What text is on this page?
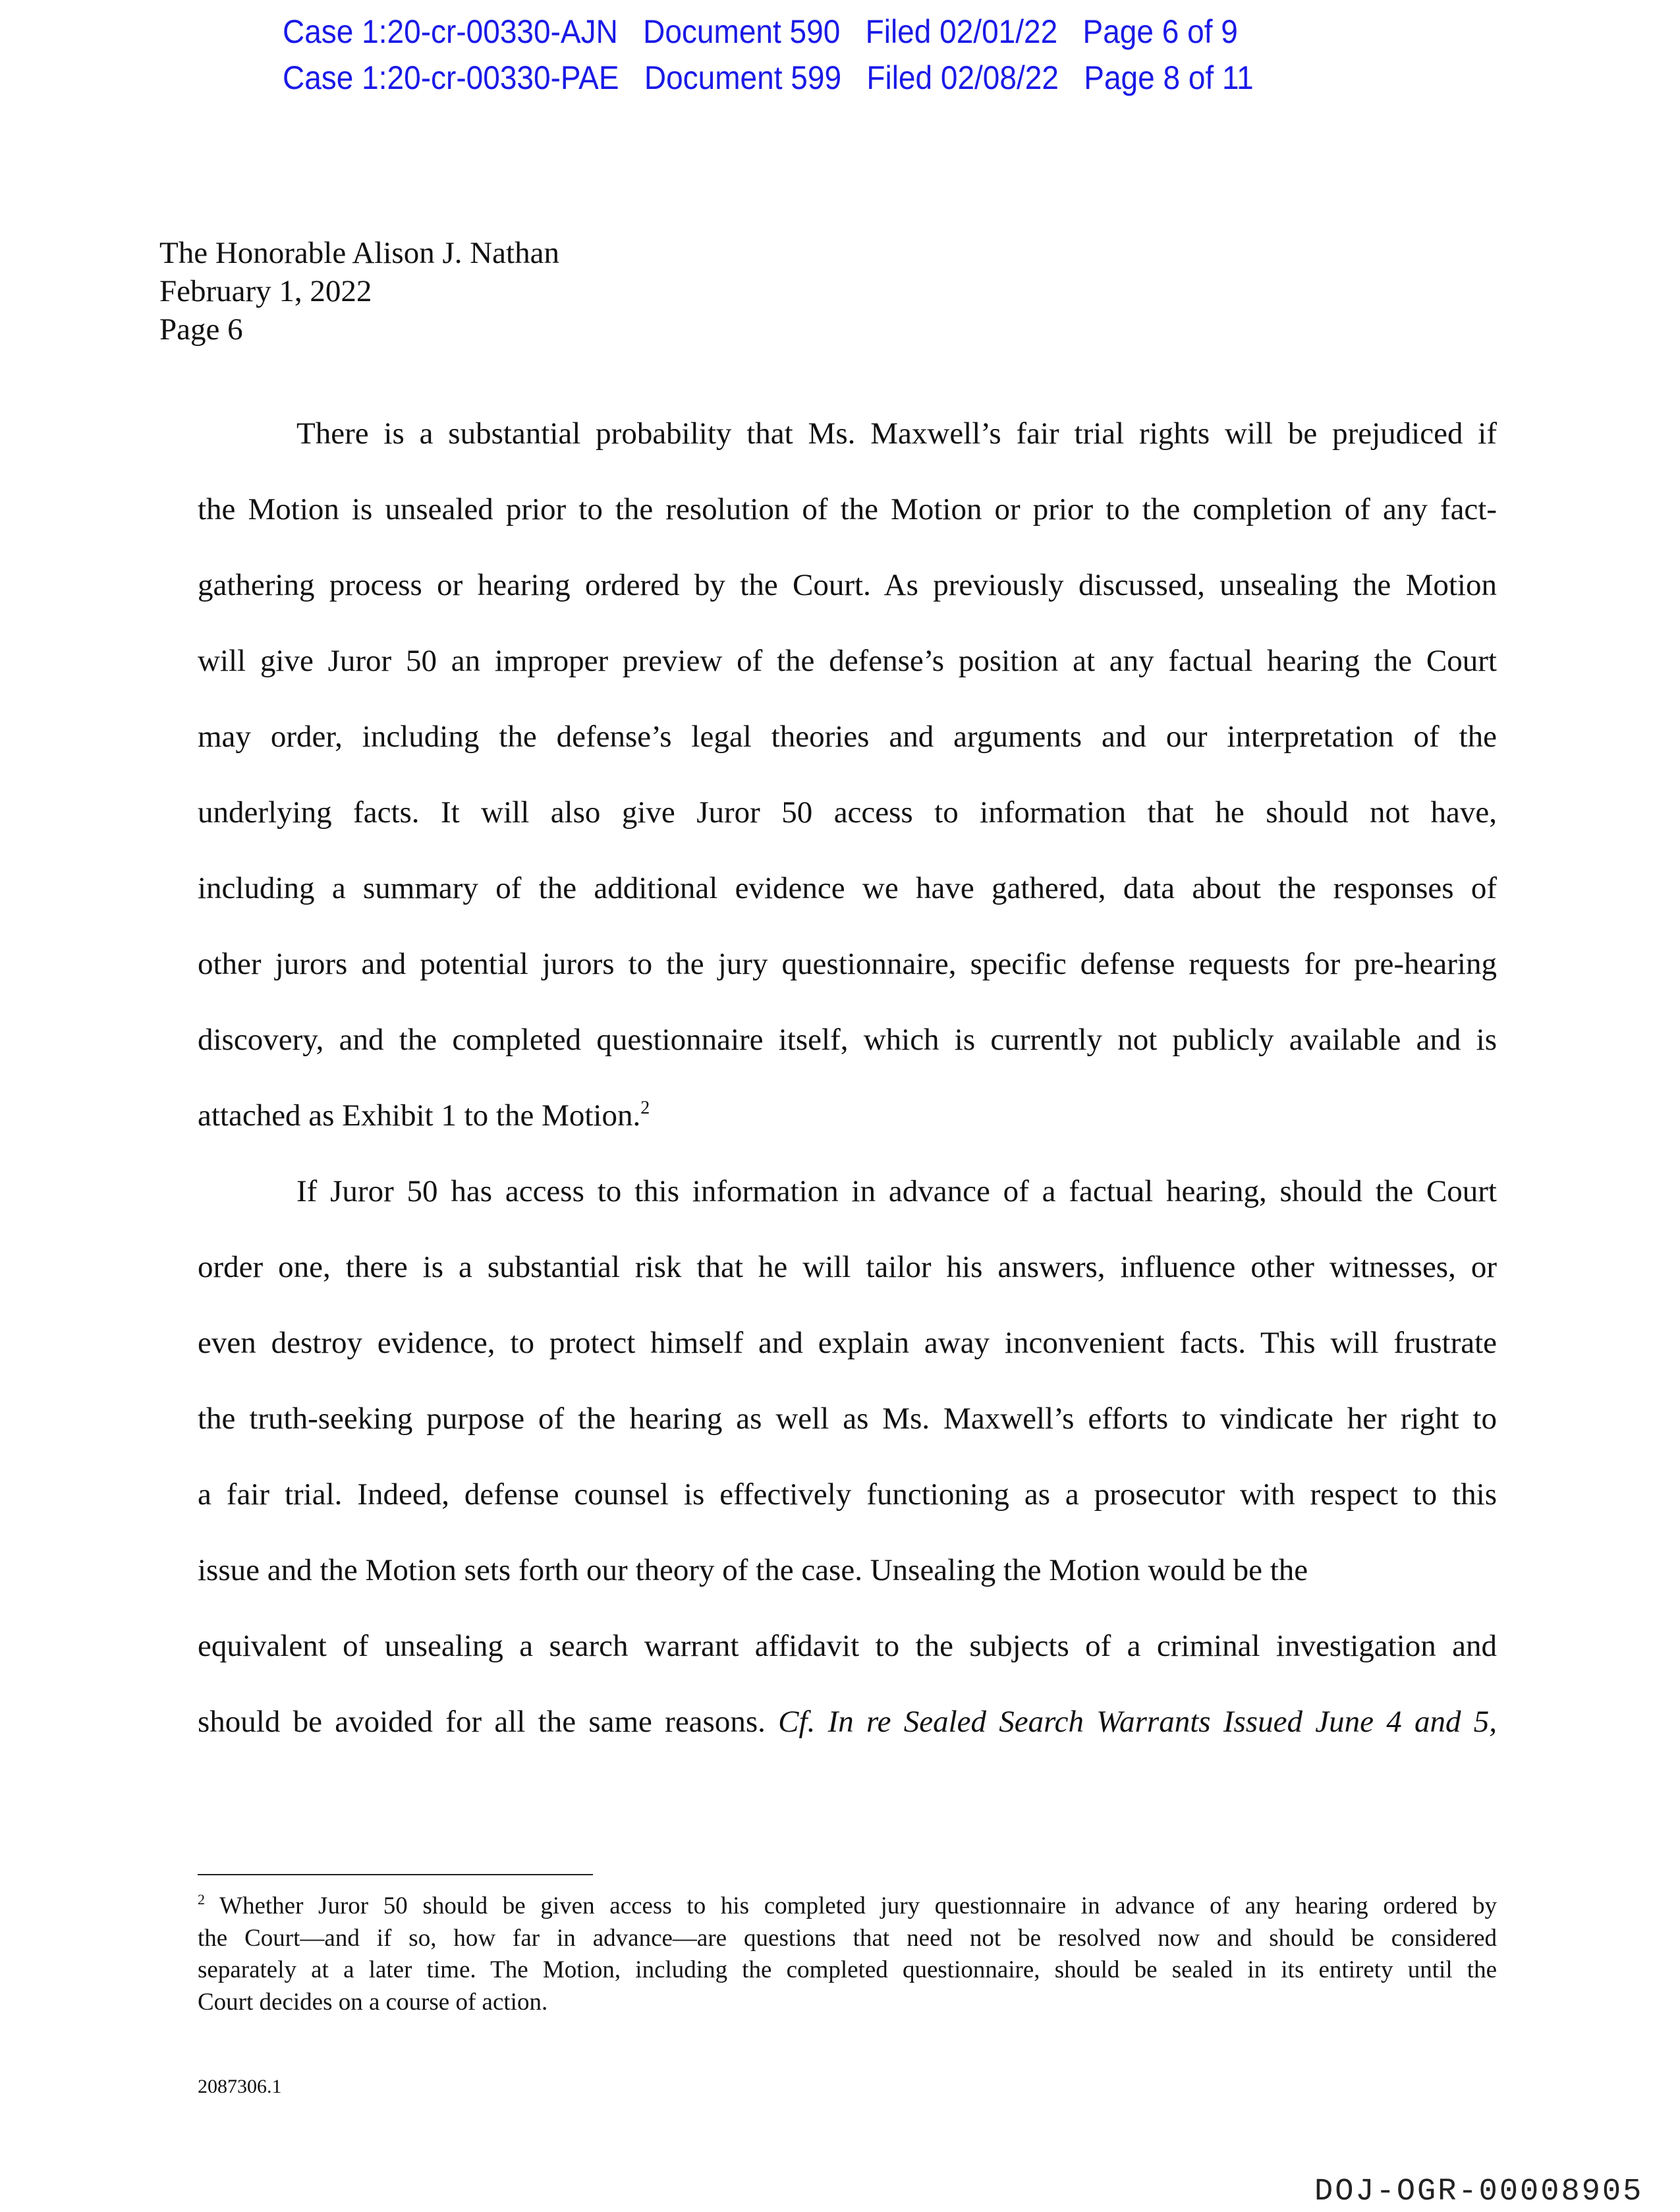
Case 1:20-cr-00330-AJN   Document 590   Filed 02/01/22   Page 6 of 9
Case 1:20-cr-00330-PAE   Document 599   Filed 02/08/22   Page 8 of 11
The Honorable Alison J. Nathan
February 1, 2022
Page 6
There is a substantial probability that Ms. Maxwell’s fair trial rights will be prejudiced if
the Motion is unsealed prior to the resolution of the Motion or prior to the completion of any fact-
gathering process or hearing ordered by the Court. As previously discussed, unsealing the Motion
will give Juror 50 an improper preview of the defense’s position at any factual hearing the Court
may order, including the defense’s legal theories and arguments and our interpretation of the
underlying facts. It will also give Juror 50 access to information that he should not have,
including a summary of the additional evidence we have gathered, data about the responses of
other jurors and potential jurors to the jury questionnaire, specific defense requests for pre-hearing
discovery, and the completed questionnaire itself, which is currently not publicly available and is
attached as Exhibit 1 to the Motion.$^2$
If Juror 50 has access to this information in advance of a factual hearing, should the Court
order one, there is a substantial risk that he will tailor his answers, influence other witnesses, or
even destroy evidence, to protect himself and explain away inconvenient facts. This will frustrate
the truth-seeking purpose of the hearing as well as Ms. Maxwell’s efforts to vindicate her right to
a fair trial. Indeed, defense counsel is effectively functioning as a prosecutor with respect to this
issue and the Motion sets forth our theory of the case. Unsealing the Motion would be the
equivalent of unsealing a search warrant affidavit to the subjects of a criminal investigation and
should be avoided for all the same reasons. Cf. In re Sealed Search Warrants Issued June 4 and 5,
$^2$ Whether Juror 50 should be given access to his completed jury questionnaire in advance of any hearing ordered by
the Court—and if so, how far in advance—are questions that need not be resolved now and should be considered
separately at a later time. The Motion, including the completed questionnaire, should be sealed in its entirety until the
Court decides on a course of action.
2087306.1
DOJ-OGR-00008905
